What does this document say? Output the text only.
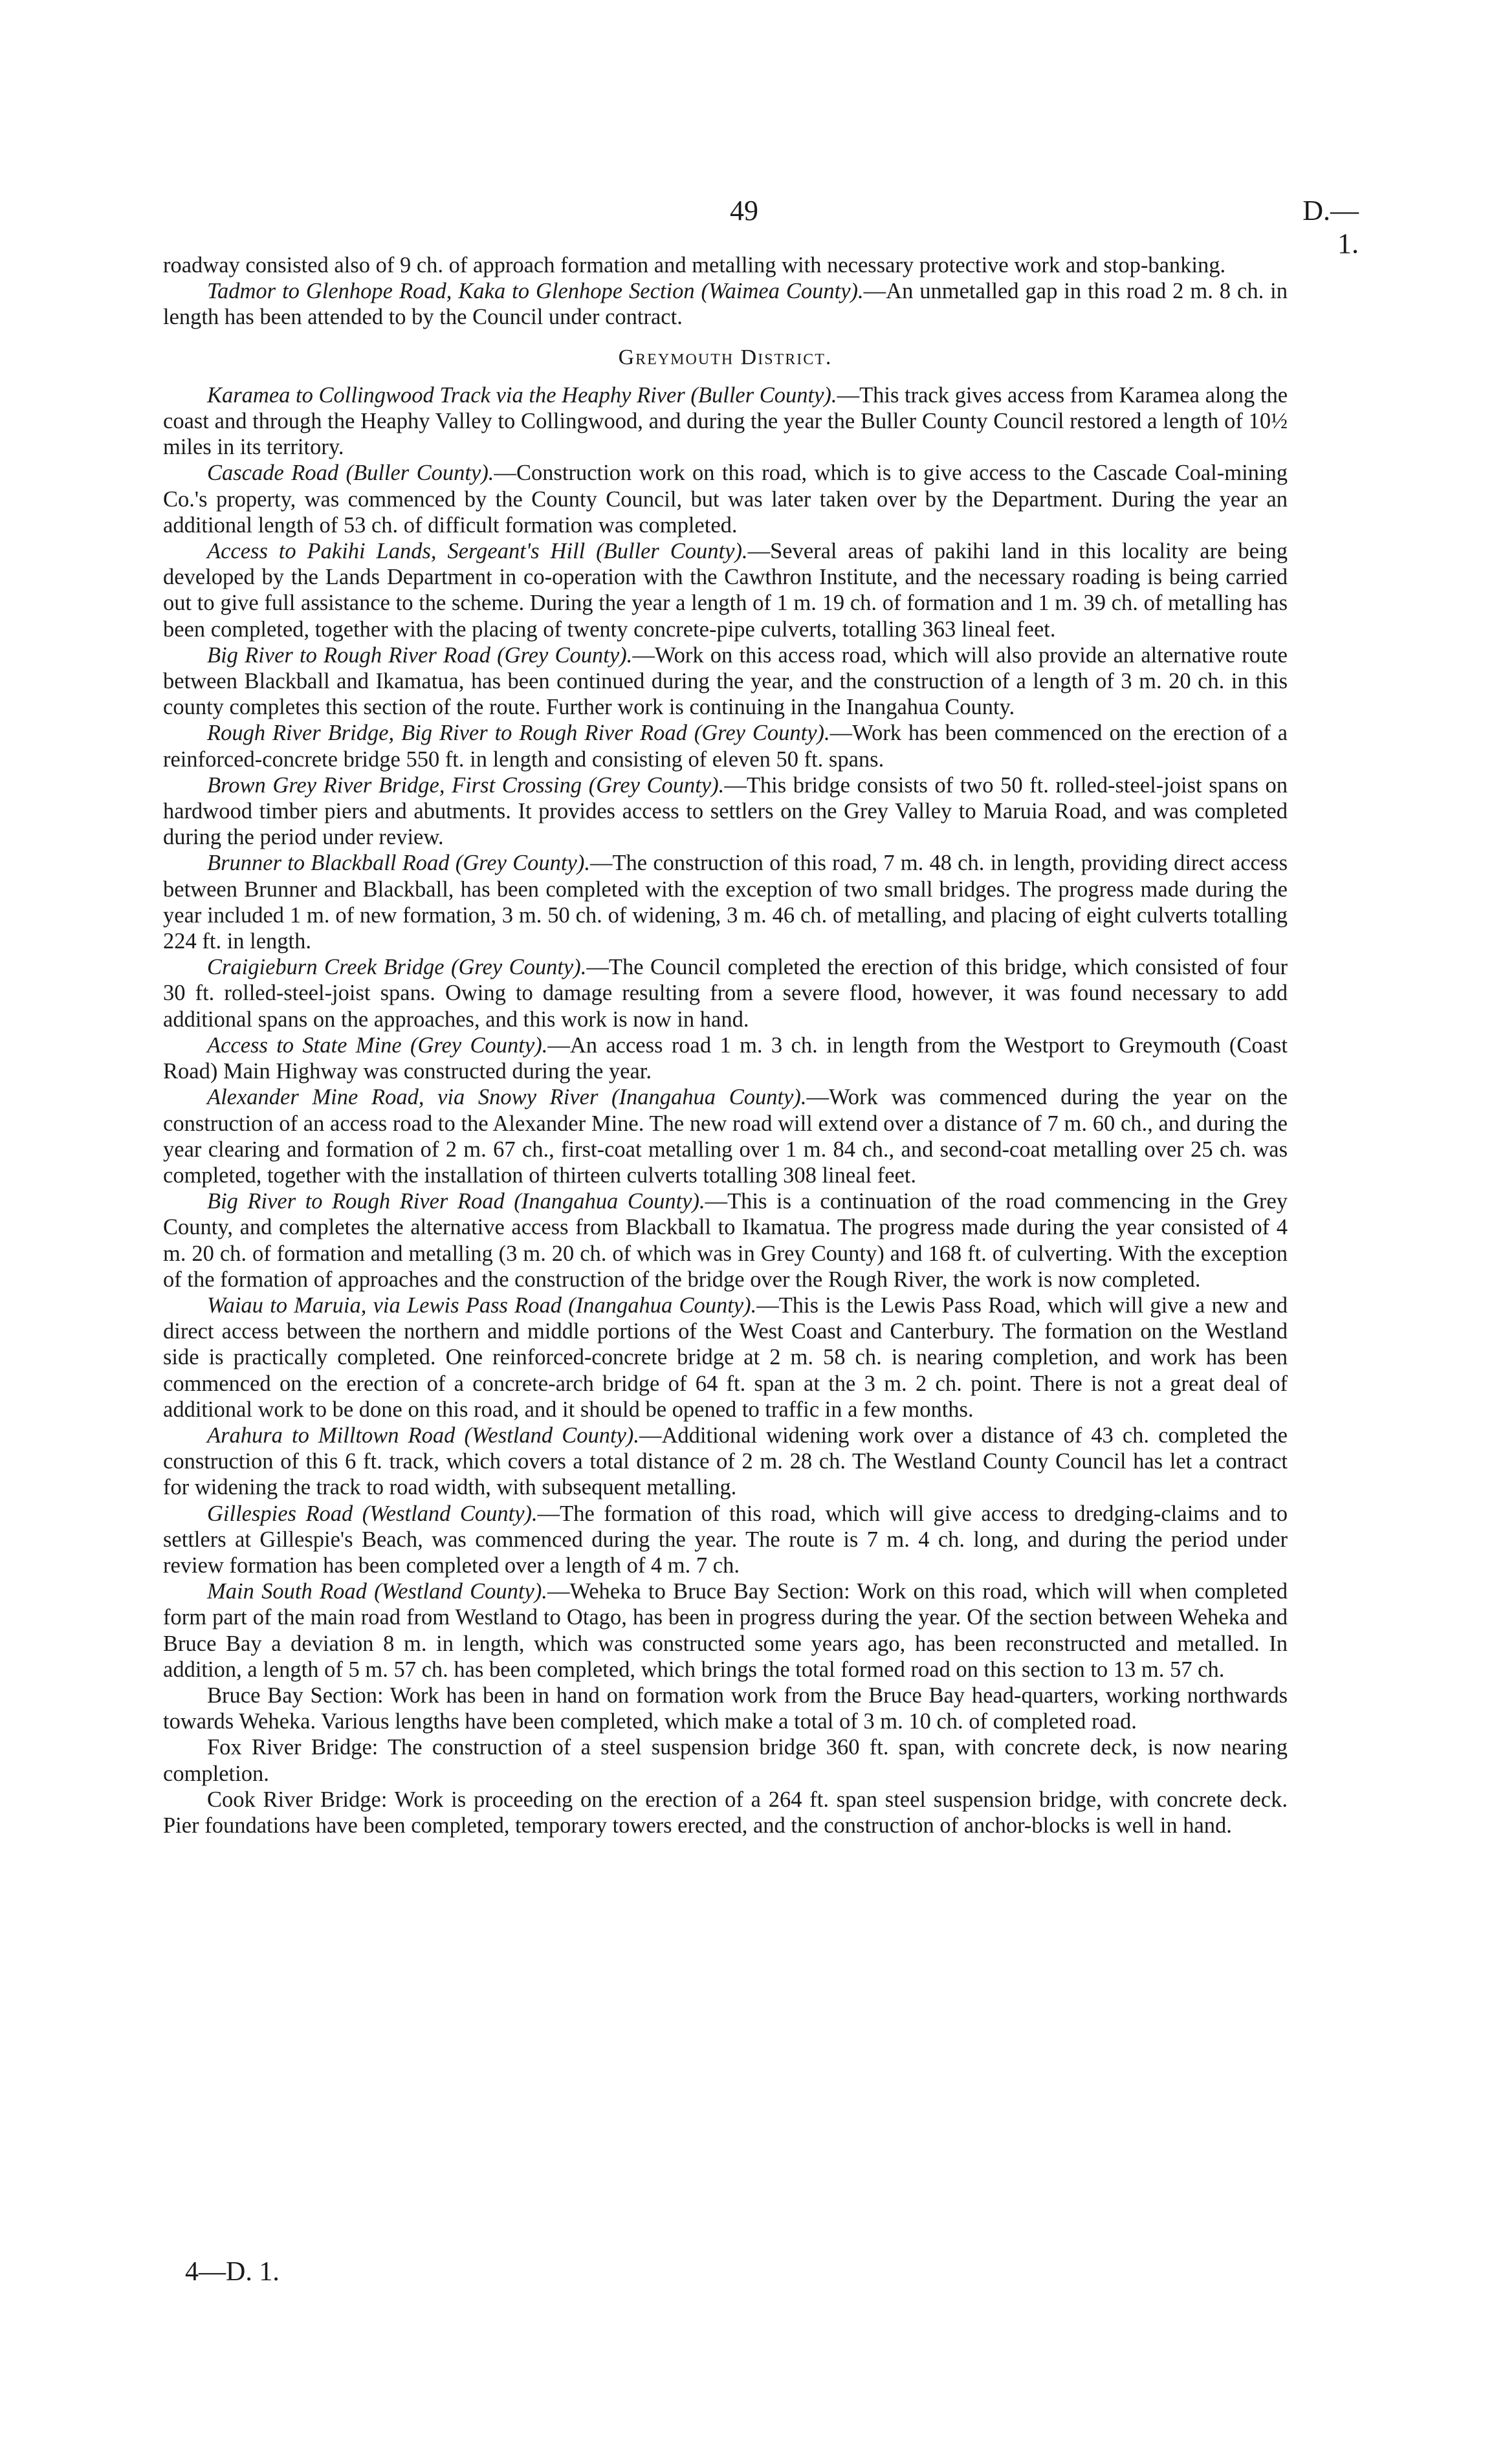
49	D.—1.

roadway consisted also of 9 ch. of approach formation and metalling with necessary protective work and stop-banking.

Tadmor to Glenhope Road, Kaka to Glenhope Section (Waimea County).—An unmetalled gap in this road 2 m. 8 ch. in length has been attended to by the Council under contract.

Greymouth District.

Karamea to Collingwood Track via the Heaphy River (Buller County).—This track gives access from Karamea along the coast and through the Heaphy Valley to Collingwood, and during the year the Buller County Council restored a length of 10½ miles in its territory.

Cascade Road (Buller County).—Construction work on this road, which is to give access to the Cascade Coal-mining Co.'s property, was commenced by the County Council, but was later taken over by the Department. During the year an additional length of 53 ch. of difficult formation was completed.

Access to Pakihi Lands, Sergeant's Hill (Buller County).—Several areas of pakihi land in this locality are being developed by the Lands Department in co-operation with the Cawthron Institute, and the necessary roading is being carried out to give full assistance to the scheme. During the year a length of 1 m. 19 ch. of formation and 1 m. 39 ch. of metalling has been completed, together with the placing of twenty concrete-pipe culverts, totalling 363 lineal feet.

Big River to Rough River Road (Grey County).—Work on this access road, which will also provide an alternative route between Blackball and Ikamatua, has been continued during the year, and the construction of a length of 3 m. 20 ch. in this county completes this section of the route. Further work is continuing in the Inangahua County.

Rough River Bridge, Big River to Rough River Road (Grey County).—Work has been commenced on the erection of a reinforced-concrete bridge 550 ft. in length and consisting of eleven 50 ft. spans.

Brown Grey River Bridge, First Crossing (Grey County).—This bridge consists of two 50 ft. rolled-steel-joist spans on hardwood timber piers and abutments. It provides access to settlers on the Grey Valley to Maruia Road, and was completed during the period under review.

Brunner to Blackball Road (Grey County).—The construction of this road, 7 m. 48 ch. in length, providing direct access between Brunner and Blackball, has been completed with the exception of two small bridges. The progress made during the year included 1 m. of new formation, 3 m. 50 ch. of widening, 3 m. 46 ch. of metalling, and placing of eight culverts totalling 224 ft. in length.

Craigieburn Creek Bridge (Grey County).—The Council completed the erection of this bridge, which consisted of four 30 ft. rolled-steel-joist spans. Owing to damage resulting from a severe flood, however, it was found necessary to add additional spans on the approaches, and this work is now in hand.

Access to State Mine (Grey County).—An access road 1 m. 3 ch. in length from the Westport to Greymouth (Coast Road) Main Highway was constructed during the year.

Alexander Mine Road, via Snowy River (Inangahua County).—Work was commenced during the year on the construction of an access road to the Alexander Mine. The new road will extend over a distance of 7 m. 60 ch., and during the year clearing and formation of 2 m. 67 ch., first-coat metalling over 1 m. 84 ch., and second-coat metalling over 25 ch. was completed, together with the installation of thirteen culverts totalling 308 lineal feet.

Big River to Rough River Road (Inangahua County).—This is a continuation of the road commencing in the Grey County, and completes the alternative access from Blackball to Ikamatua. The progress made during the year consisted of 4 m. 20 ch. of formation and metalling (3 m. 20 ch. of which was in Grey County) and 168 ft. of culverting. With the exception of the formation of approaches and the construction of the bridge over the Rough River, the work is now completed.

Waiau to Maruia, via Lewis Pass Road (Inangahua County).—This is the Lewis Pass Road, which will give a new and direct access between the northern and middle portions of the West Coast and Canterbury. The formation on the Westland side is practically completed. One reinforced-concrete bridge at 2 m. 58 ch. is nearing completion, and work has been commenced on the erection of a concrete-arch bridge of 64 ft. span at the 3 m. 2 ch. point. There is not a great deal of additional work to be done on this road, and it should be opened to traffic in a few months.

Arahura to Milltown Road (Westland County).—Additional widening work over a distance of 43 ch. completed the construction of this 6 ft. track, which covers a total distance of 2 m. 28 ch. The Westland County Council has let a contract for widening the track to road width, with subsequent metalling.

Gillespies Road (Westland County).—The formation of this road, which will give access to dredging-claims and to settlers at Gillespie's Beach, was commenced during the year. The route is 7 m. 4 ch. long, and during the period under review formation has been completed over a length of 4 m. 7 ch.

Main South Road (Westland County).—Weheka to Bruce Bay Section: Work on this road, which will when completed form part of the main road from Westland to Otago, has been in progress during the year. Of the section between Weheka and Bruce Bay a deviation 8 m. in length, which was constructed some years ago, has been reconstructed and metalled. In addition, a length of 5 m. 57 ch. has been completed, which brings the total formed road on this section to 13 m. 57 ch.

Bruce Bay Section: Work has been in hand on formation work from the Bruce Bay head-quarters, working northwards towards Weheka. Various lengths have been completed, which make a total of 3 m. 10 ch. of completed road.

Fox River Bridge: The construction of a steel suspension bridge 360 ft. span, with concrete deck, is now nearing completion.

Cook River Bridge: Work is proceeding on the erection of a 264 ft. span steel suspension bridge, with concrete deck. Pier foundations have been completed, temporary towers erected, and the construction of anchor-blocks is well in hand.

4—D. 1.
